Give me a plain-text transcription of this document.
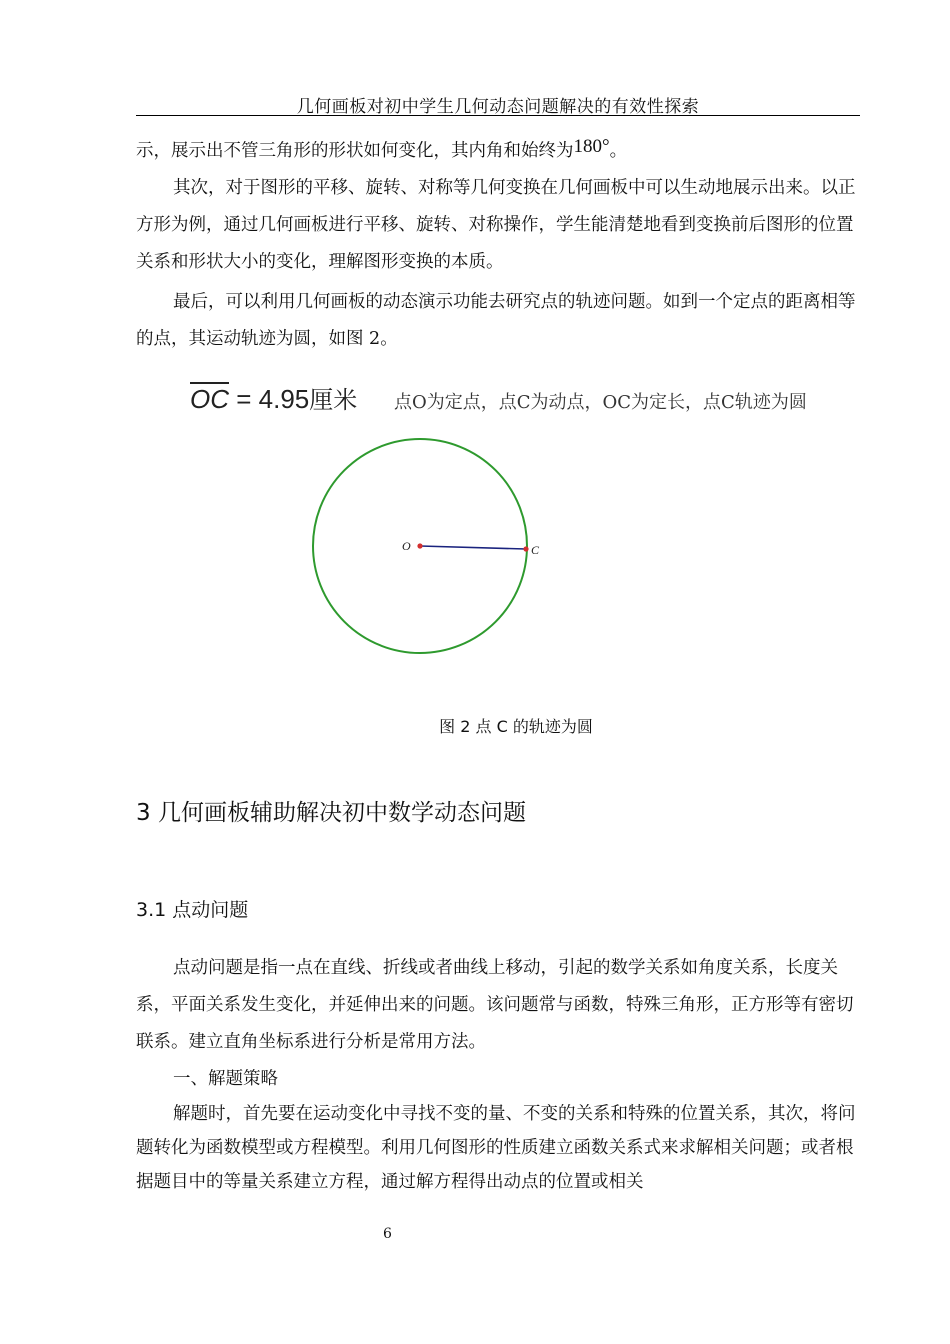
几何画板对初中学生几何动态问题解决的有效性探索

示，展示出不管三角形的形状如何变化，其内角和始终为180°。

其次，对于图形的平移、旋转、对称等几何变换在几何画板中可以生动地展示出来。以正方形为例，通过几何画板进行平移、旋转、对称操作，学生能清楚地看到变换前后图形的位置关系和形状大小的变化，理解图形变换的本质。

最后，可以利用几何画板的动态演示功能去研究点的轨迹问题。如到一个定点的距离相等的点，其运动轨迹为圆，如图 2。

OC = 4.95厘米 点O为定点，点C为动点，OC为定长，点C轨迹为圆
O	C
图 2 点 C 的轨迹为圆
3 几何画板辅助解决初中数学动态问题
3.1 点动问题

点动问题是指一点在直线、折线或者曲线上移动，引起的数学关系如角度关系，长度关系，平面关系发生变化，并延伸出来的问题。该问题常与函数，特殊三角形，正方形等有密切联系。建立直角坐标系进行分析是常用方法。

一、解题策略

解题时，首先要在运动变化中寻找不变的量、不变的关系和特殊的位置关系，其次，将问题转化为函数模型或方程模型。利用几何图形的性质建立函数关系式来求解相关问题；或者根据题目中的等量关系建立方程，通过解方程得出动点的位置或相关

6
